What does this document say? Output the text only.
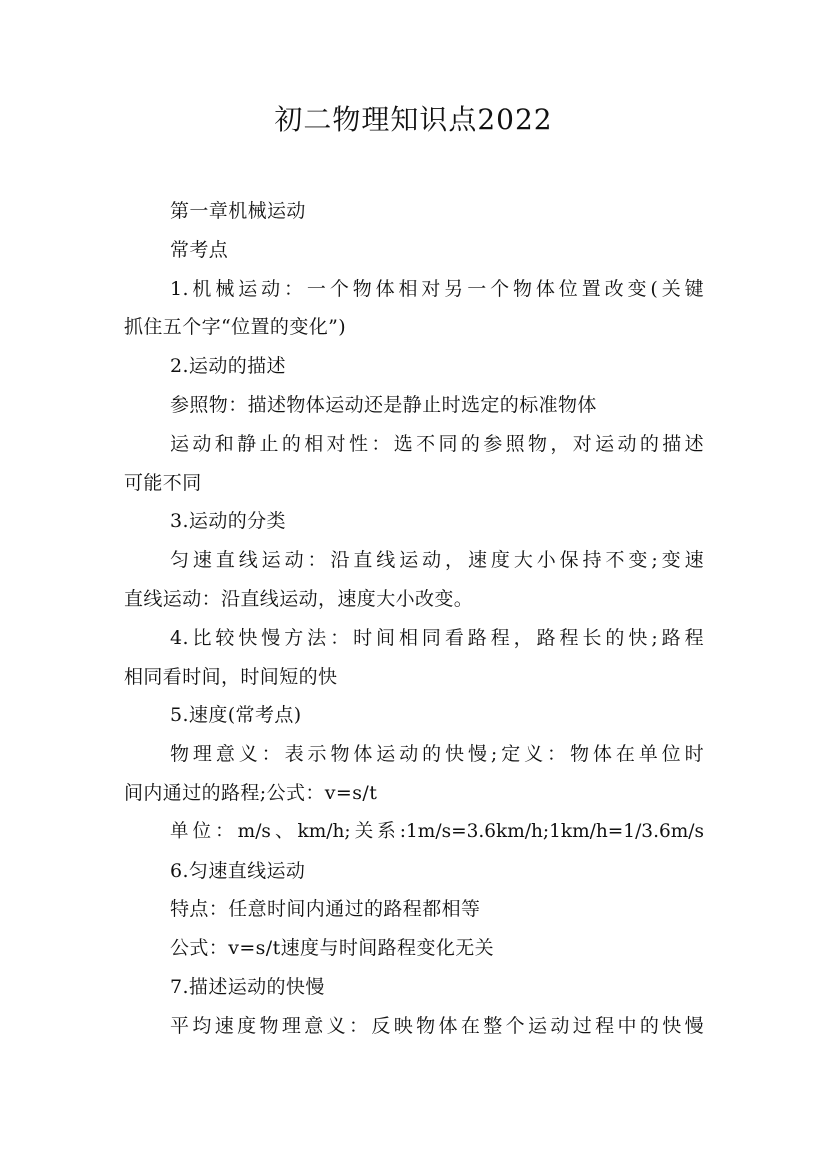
初二物理知识点2022
第一章机械运动
常考点
1.机械运动：一个物体相对另一个物体位置改变(关键
抓住五个字“位置的变化”)
2.运动的描述
参照物：描述物体运动还是静止时选定的标准物体
运动和静止的相对性：选不同的参照物，对运动的描述
可能不同
3.运动的分类
匀速直线运动：沿直线运动，速度大小保持不变;变速
直线运动：沿直线运动，速度大小改变。
4.比较快慢方法：时间相同看路程，路程长的快;路程
相同看时间，时间短的快
5.速度(常考点)
物理意义：表示物体运动的快慢;定义：物体在单位时
间内通过的路程;公式：v=s/t
单位：m/s、km/h;关系:1m/s=3.6km/h;1km/h=1/3.6m/s
6.匀速直线运动
特点：任意时间内通过的路程都相等
公式：v=s/t速度与时间路程变化无关
7.描述运动的快慢
平均速度物理意义：反映物体在整个运动过程中的快慢
